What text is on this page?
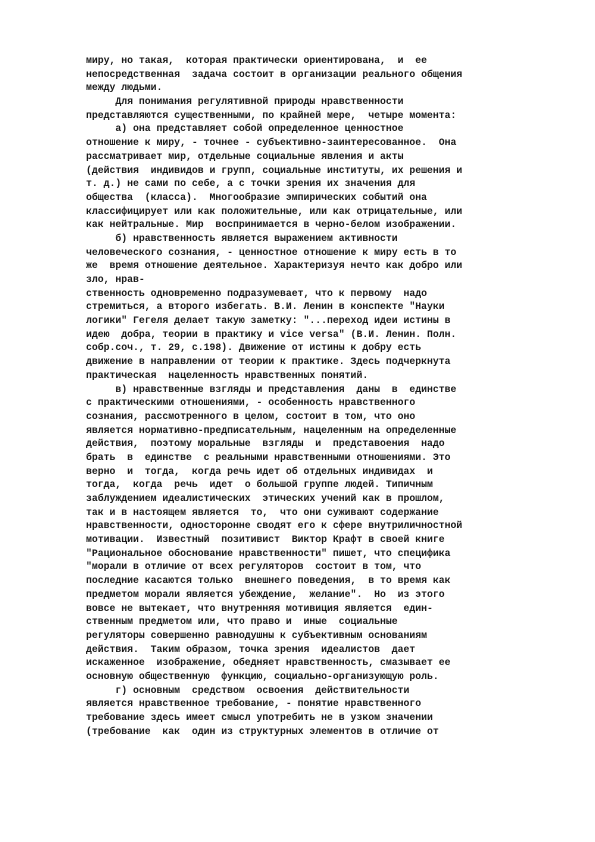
миру, но такая,  которая практически ориентирована,  и  ее
непосредственная  задача состоит в организации реального общения
между людьми.
Для понимания регулятивной природы нравственности
представляются существенными, по крайней мере,  четыре момента:
а) она представляет собой определенное ценностное
отношение к миру, - точнее - субъективно-заинтересованное.  Она
рассматривает мир, отдельные социальные явления и акты
(действия  индивидов и групп, социальные институты, их решения и
т. д.) не сами по себе, а с точки зрения их значения для
общества  (класса).  Многообразие эмпирических событий она
классифицирует или как положительные, или как отрицательные, или
как нейтральные. Мир  воспринимается в черно-белом изображении.
б) нравственность является выражением активности
человеческого сознания, - ценностное отношение к миру есть в то
же  время отношение деятельное. Характеризуя нечто как добро или
зло, нрав-
ственность одновременно подразумевает, что к первому  надо
стремиться, а второго избегать. В.И. Ленин в конспекте "Науки
логики" Гегеля делает такую заметку: "...переход идеи истины в
идею  добра, теории в практику и vice versa" (В.И. Ленин. Полн.
собр.соч., т. 29, с.198). Движение от истины к добру есть
движение в направлении от теории к практике. Здесь подчеркнута
практическая  нацеленность нравственных понятий.
в) нравственные взгляды и представления  даны  в  единстве
с практическими отношениями, - особенность нравственного
сознания, рассмотренного в целом, состоит в том, что оно
является нормативно-предписательным, нацеленным на определенные
действия,  поэтому моральные  взгляды  и  представоения  надо
брать  в  единстве  с реальными нравственными отношениями. Это
верно  и  тогда,  когда речь идет об отдельных индивидах  и
тогда,  когда  речь  идет  о большой группе людей. Типичным
заблуждением идеалистических  этических учений как в прошлом,
так и в настоящем является  то,  что они суживают содержание
нравственности, односторонне сводят его к сфере внутриличностной
мотивации.  Известный  позитивист  Виктор Крафт в своей книге
"Рациональное обоснование нравственности" пишет, что специфика
"морали в отличие от всех регуляторов  состоит в том, что
последние касаются только  внешнего поведения,  в то время как
предметом морали является убеждение,  желание".  Но  из этого
вовсе не вытекает, что внутренняя мотивиция является  един-
ственным предметом или, что право и  иные  социальные
регуляторы совершенно равнодушны к субъективным основаниям
действия.  Таким образом, точка зрения  идеалистов  дает
искаженное  изображение, обедняет нравственность, смазывает ее
основную общественную  функцию, социально-организующую роль.
г) основным  средством  освоения  действительности
является нравственное требование, - понятие нравственного
требование здесь имеет смысл употребить не в узком значении
(требование  как  один из структурных элементов в отличие от
